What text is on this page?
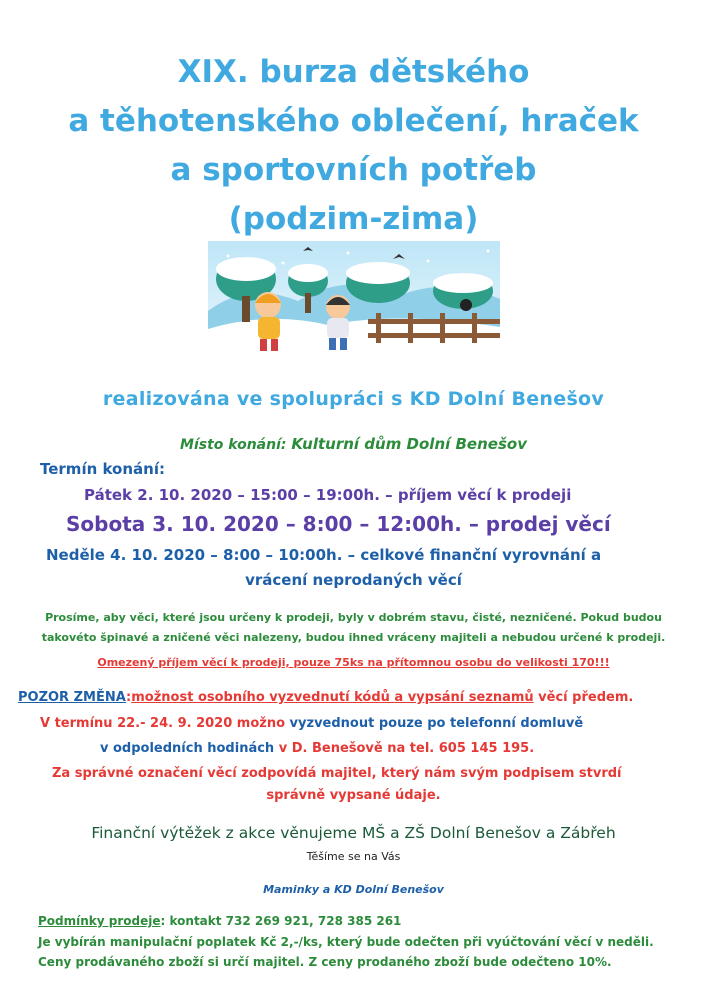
XIX. burza dětského
a těhotenského oblečení, hraček
a sportovních potřeb
(podzim-zima)
realizována ve spolupráci s KD Dolní Benešov
Místo konání: Kulturní dům Dolní Benešov
Termín konání:
Pátek 2. 10. 2020 – 15:00 – 19:00h. – příjem věcí k prodeji
Sobota 3. 10. 2020 – 8:00 – 12:00h. – prodej věcí
Neděle 4. 10. 2020 – 8:00 – 10:00h. – celkové finanční vyrovnání a
vrácení neprodaných věcí
Prosíme, aby věci, které jsou určeny k prodeji, byly v dobrém stavu, čisté, nezničené. Pokud budou
takovéto špinavé a zničené věci nalezeny, budou ihned vráceny majiteli a nebudou určené k prodeji.
Omezený příjem věcí k prodeji, pouze 75ks na přítomnou osobu do velikosti 170!!!
POZOR ZMĚNA:možnost osobního vyzvednutí kódů a vypsání seznamů věcí předem.
V termínu 22.- 24. 9. 2020 možno vyzvednout pouze po telefonní domluvě
v odpoledních hodinách v D. Benešově na tel. 605 145 195.
Za správné označení věcí zodpovídá majitel, který nám svým podpisem stvrdí
správně vypsané údaje.
Finanční výtěžek z akce věnujeme MŠ a ZŠ Dolní Benešov a Zábřeh
Těšíme se na Vás
Maminky a KD Dolní Benešov
Podmínky prodeje: kontakt 732 269 921, 728 385 261
Je vybírán manipulační poplatek Kč 2,-/ks, který bude odečten při vyúčtování věcí v neděli.
Ceny prodávaného zboží si určí majitel. Z ceny prodaného zboží bude odečteno 10%.
